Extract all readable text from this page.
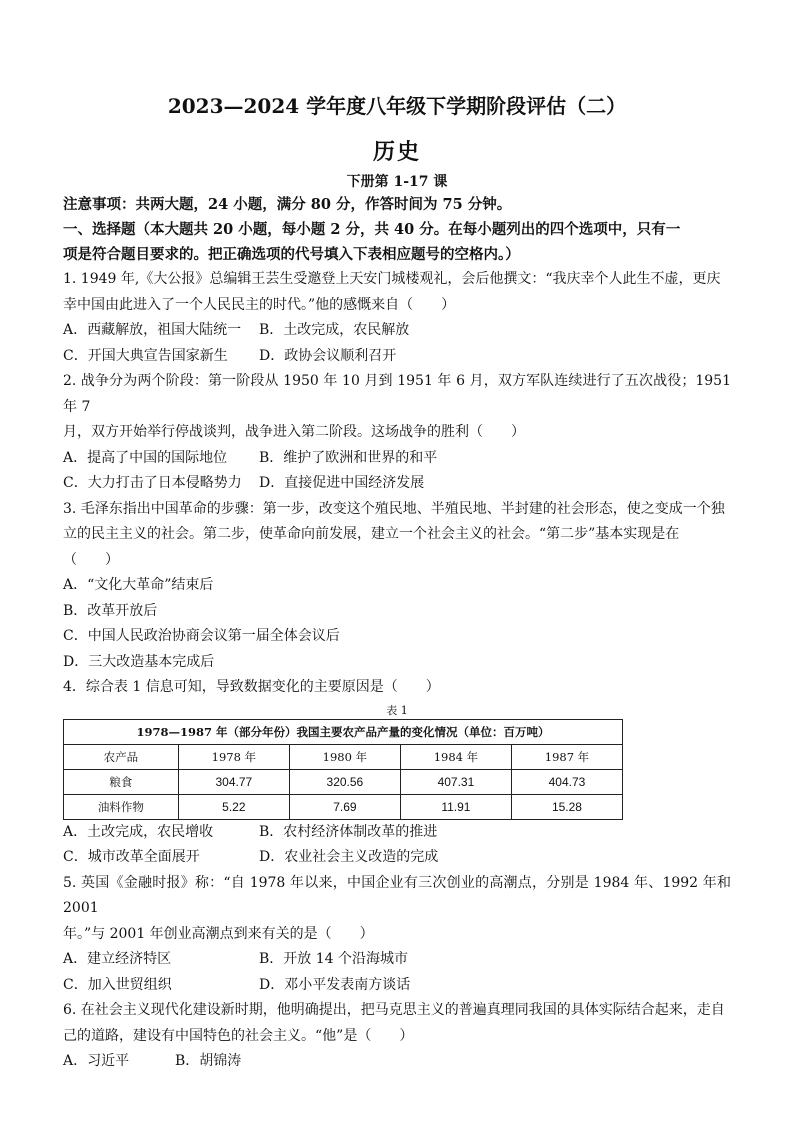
2023—2024 学年度八年级下学期阶段评估（二）
历史
下册第 1-17 课
注意事项：共两大题，24 小题，满分 80 分，作答时间为 75 分钟。
一、选择题（本大题共 20 小题，每小题 2 分，共 40 分。在每小题列出的四个选项中，只有一
项是符合题目要求的。把正确选项的代号填入下表相应题号的空格内。）
1. 1949 年,《大公报》总编辑王芸生受邀登上天安门城楼观礼，会后他撰文：“我庆幸个人此生不虚，更庆
幸中国由此进入了一个人民民主的时代。”他的感慨来自（　　）
A．西藏解放，祖国大陆统一 B．土改完成，农民解放
C．开国大典宣告国家新生 D．政协会议顺利召开
2. 战争分为两个阶段：第一阶段从 1950 年 10 月到 1951 年 6 月，双方军队连续进行了五次战役；1951 年 7
月，双方开始举行停战谈判，战争进入第二阶段。这场战争的胜利（　　）
A．提高了中国的国际地位 B．维护了欧洲和世界的和平
C．大力打击了日本侵略势力 D．直接促进中国经济发展
3. 毛泽东指出中国革命的步骤：第一步，改变这个殖民地、半殖民地、半封建的社会形态，使之变成一个独
立的民主主义的社会。第二步，使革命向前发展，建立一个社会主义的社会。“第二步”基本实现是在
（　　）
A．“文化大革命”结束后
B．改革开放后
C．中国人民政治协商会议第一届全体会议后
D．三大改造基本完成后
4．综合表 1 信息可知，导致数据变化的主要原因是（　　）
表 1
1978—1987 年（部分年份）我国主要农产品产量的变化情况（单位：百万吨）				
农产品	1978 年	1980 年	1984 年	1987 年
粮食	304.77	320.56	407.31	404.73
油料作物	5.22	7.69	11.91	15.28
A．土改完成，农民增收	B．农村经济体制改革的推进
C．城市改革全面展开	D．农业社会主义改造的完成
5. 英国《金融时报》称：“自 1978 年以来，中国企业有三次创业的高潮点，分别是 1984 年、1992 年和 2001
年。”与 2001 年创业高潮点到来有关的是（　　）
A．建立经济特区	B．开放 14 个沿海城市
C．加入世贸组织	D．邓小平发表南方谈话
6. 在社会主义现代化建设新时期，他明确提出，把马克思主义的普遍真理同我国的具体实际结合起来，走自
己的道路，建设有中国特色的社会主义。“他”是（　　）
A．习近平	B．胡锦涛
